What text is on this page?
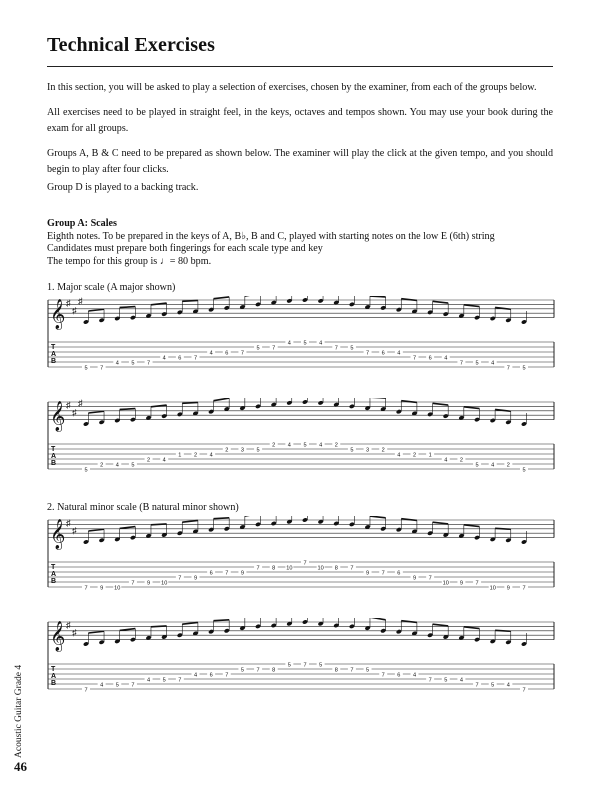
Technical Exercises

In this section, you will be asked to play a selection of exercises, chosen by the examiner, from each of the groups below.

All exercises need to be played in straight feel, in the keys, octaves and tempos shown. You may use your book during the exam for all groups.

Groups A, B & C need to be prepared as shown below. The examiner will play the click at the given tempo, and you should begin to play after four clicks.

Group D is played to a backing track.

Group A: Scales
Eighth notes. To be prepared in the keys of A, B♭, B and C, played with starting notes on the low E (6th) string
Candidates must prepare both fingerings for each scale type and key
The tempo for this group is ♩= 80 bpm.

1. Major scale (A major shown)

𝄞 ♯
♯
♯
T
A
B
5 7
4 5 7
4 6 7
4 6 7
5 7
4 5 4
7 5
7 6 4
7 6 4
7 5 4
7 5
𝄞 ♯
♯
♯
T
A
B
5
2 4 5
2 4
1 2 4
2 3 5
2 4 5 4 2
5 3 2
4 2 1
4 2
5 4 2
5

2. Natural minor scale (B natural minor shown)

𝄞 ♯
♯
T
A
B
7 9 10
7 9 10
7 9
6 7 9
7 8 10
7
10 8 7
9 7 6
9 7
10 9 7
10 9 7
𝄞 ♯
♯
T
A
B
7
4 5 7
4 5 7
4 6 7
5 7 8
5 7 5
8 7 5
7 6 4
7 5 4
7 5 4
7
Acoustic Guitar Grade 4
46
